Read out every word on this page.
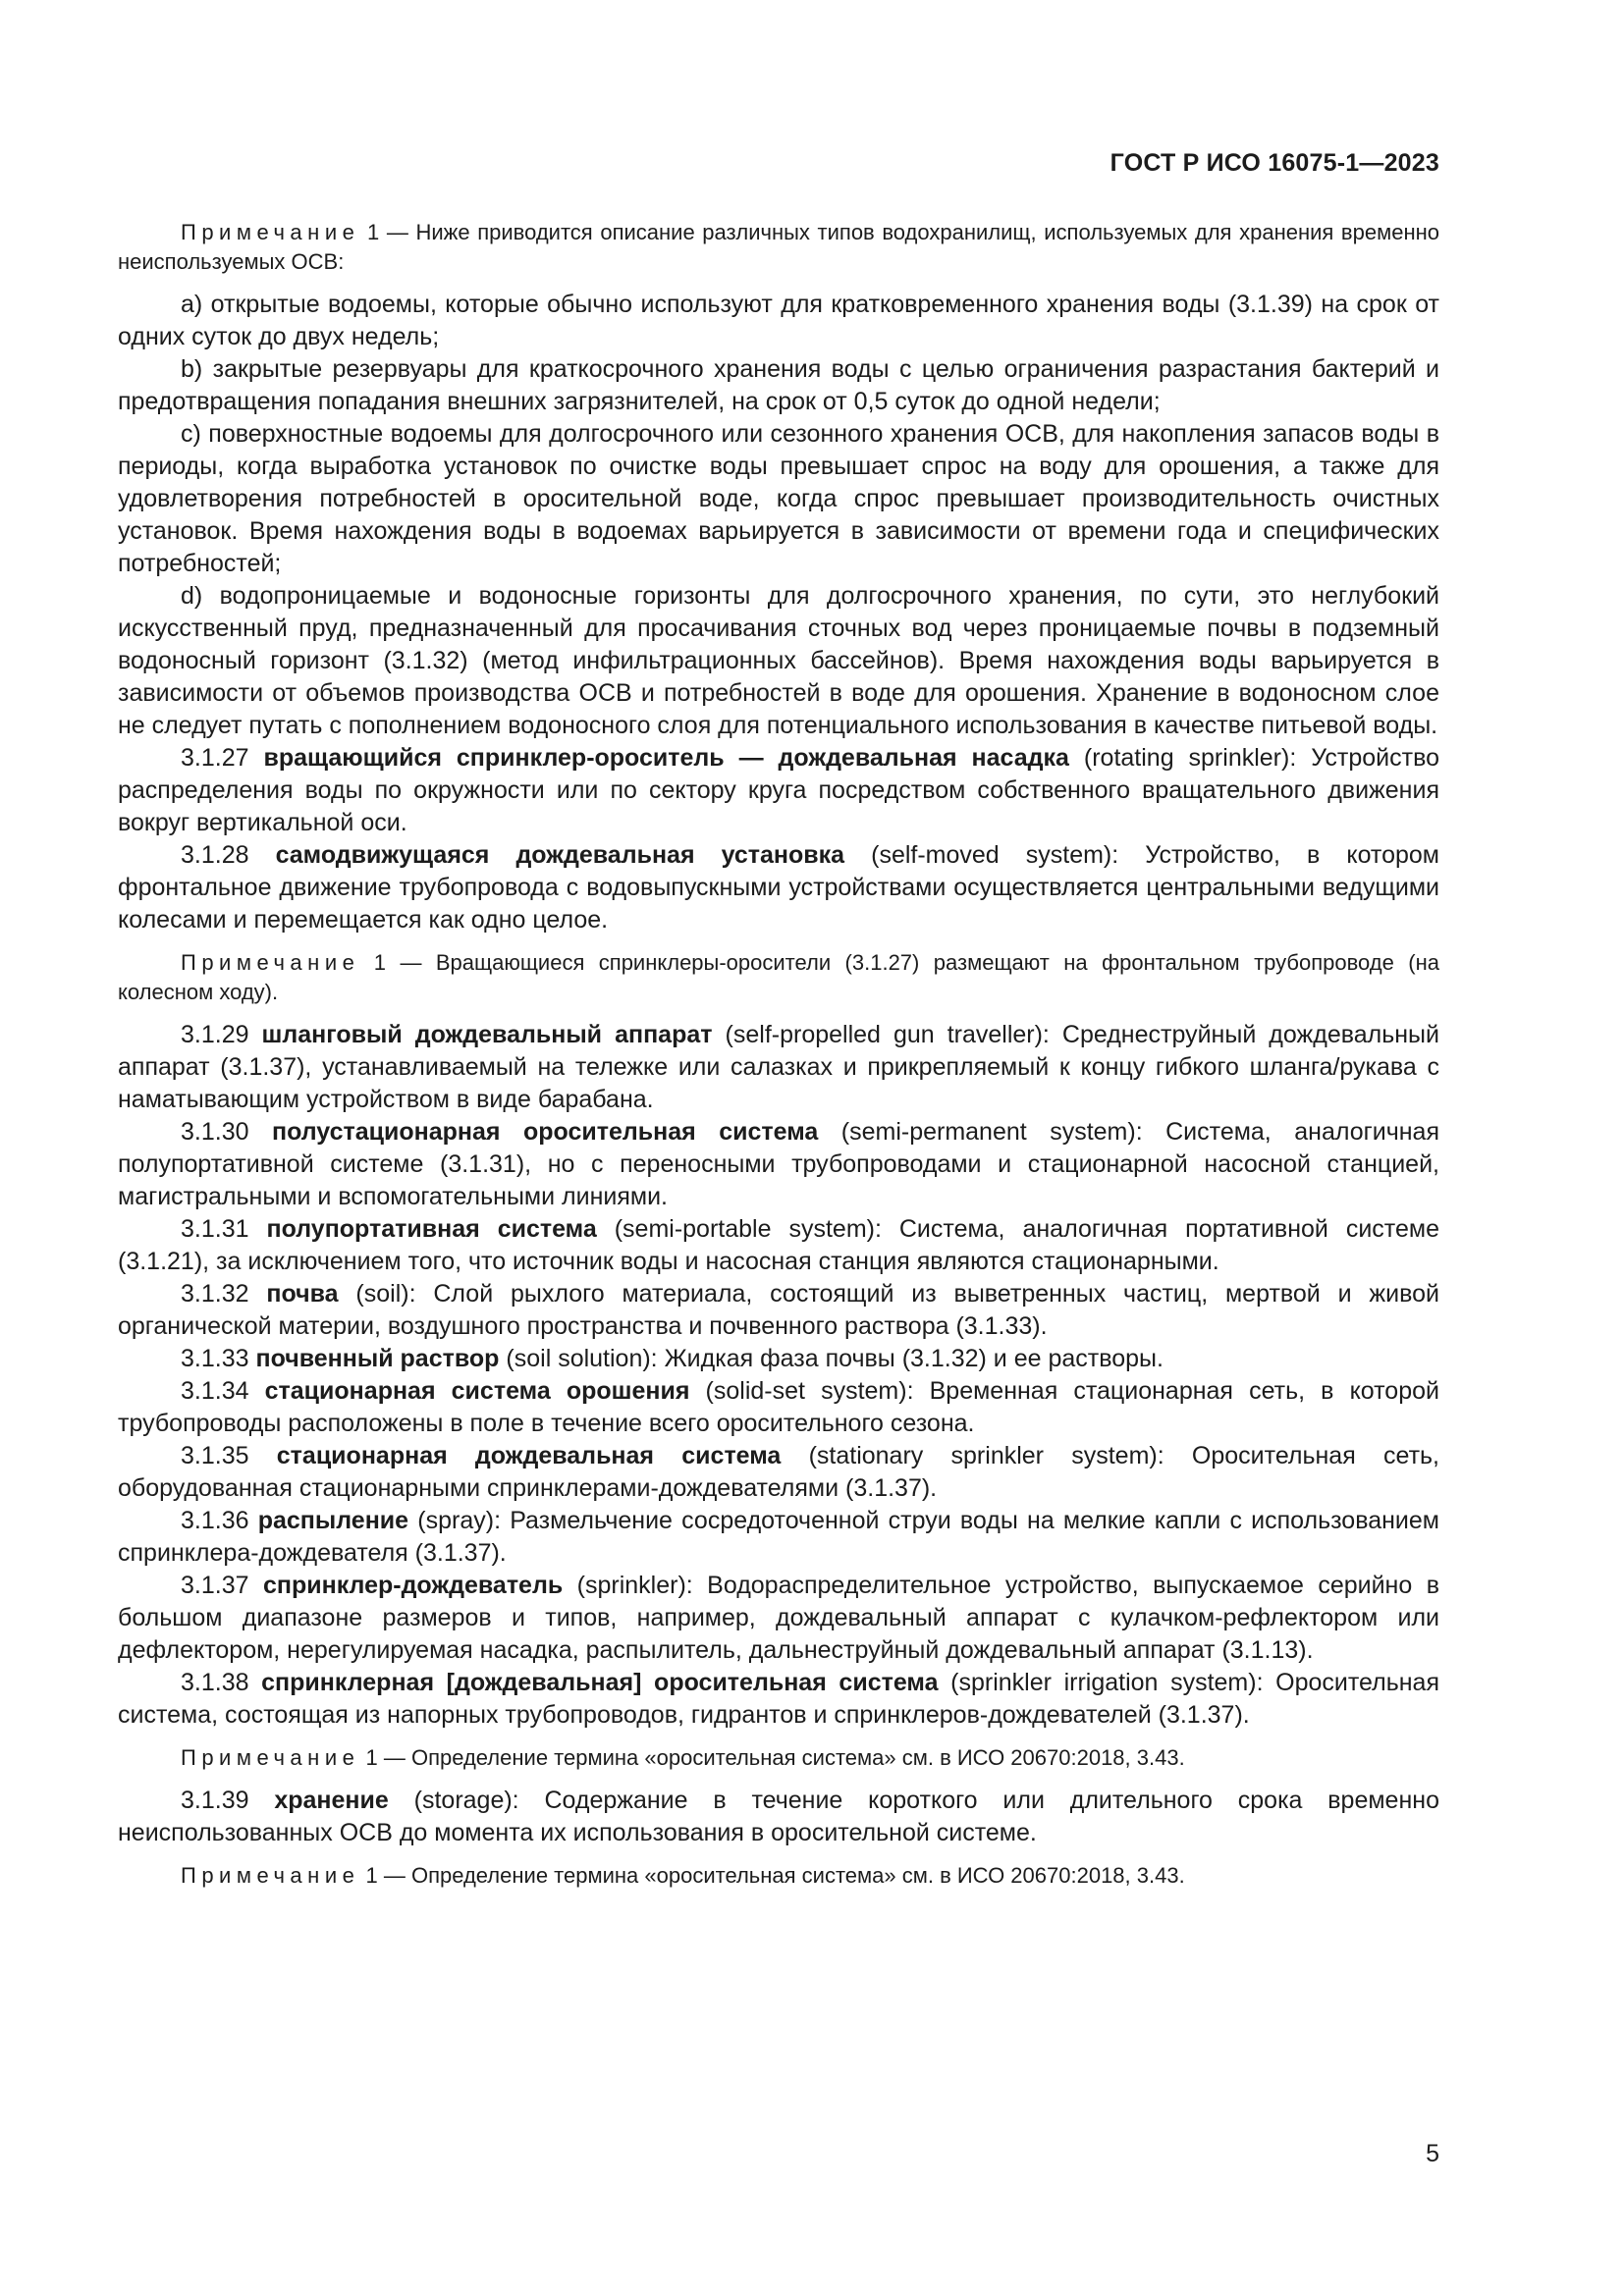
ГОСТ Р ИСО 16075-1—2023

Примечание 1 — Ниже приводится описание различных типов водохранилищ, используемых для хранения временно неиспользуемых ОСВ:

a) открытые водоемы, которые обычно используют для кратковременного хранения воды (3.1.39) на срок от одних суток до двух недель;

b) закрытые резервуары для краткосрочного хранения воды с целью ограничения разрастания бактерий и предотвращения попадания внешних загрязнителей, на срок от 0,5 суток до одной недели;

c) поверхностные водоемы для долгосрочного или сезонного хранения ОСВ, для накопления запасов воды в периоды, когда выработка установок по очистке воды превышает спрос на воду для орошения, а также для удовлетворения потребностей в оросительной воде, когда спрос превышает производительность очистных установок. Время нахождения воды в водоемах варьируется в зависимости от времени года и специфических потребностей;

d) водопроницаемые и водоносные горизонты для долгосрочного хранения, по сути, это неглубокий искусственный пруд, предназначенный для просачивания сточных вод через проницаемые почвы в подземный водоносный горизонт (3.1.32) (метод инфильтрационных бассейнов). Время нахождения воды варьируется в зависимости от объемов производства ОСВ и потребностей в воде для орошения. Хранение в водоносном слое не следует путать с пополнением водоносного слоя для потенциального использования в качестве питьевой воды.

3.1.27 вращающийся спринклер-ороситель — дождевальная насадка (rotating sprinkler): Устройство распределения воды по окружности или по сектору круга посредством собственного вращательного движения вокруг вертикальной оси.

3.1.28 самодвижущаяся дождевальная установка (self-moved system): Устройство, в котором фронтальное движение трубопровода с водовыпускными устройствами осуществляется центральными ведущими колесами и перемещается как одно целое.

Примечание 1 — Вращающиеся спринклеры-оросители (3.1.27) размещают на фронтальном трубопроводе (на колесном ходу).

3.1.29 шланговый дождевальный аппарат (self-propelled gun traveller): Среднеструйный дождевальный аппарат (3.1.37), устанавливаемый на тележке или салазках и прикрепляемый к концу гибкого шланга/рукава с наматывающим устройством в виде барабана.

3.1.30 полустационарная оросительная система (semi-permanent system): Система, аналогичная полупортативной системе (3.1.31), но с переносными трубопроводами и стационарной насосной станцией, магистральными и вспомогательными линиями.

3.1.31 полупортативная система (semi-portable system): Система, аналогичная портативной системе (3.1.21), за исключением того, что источник воды и насосная станция являются стационарными.

3.1.32 почва (soil): Слой рыхлого материала, состоящий из выветренных частиц, мертвой и живой органической материи, воздушного пространства и почвенного раствора (3.1.33).

3.1.33 почвенный раствор (soil solution): Жидкая фаза почвы (3.1.32) и ее растворы.

3.1.34 стационарная система орошения (solid-set system): Временная стационарная сеть, в которой трубопроводы расположены в поле в течение всего оросительного сезона.

3.1.35 стационарная дождевальная система (stationary sprinkler system): Оросительная сеть, оборудованная стационарными спринклерами-дождевателями (3.1.37).

3.1.36 распыление (spray): Размельчение сосредоточенной струи воды на мелкие капли с использованием спринклера-дождевателя (3.1.37).

3.1.37 спринклер-дождеватель (sprinkler): Водораспределительное устройство, выпускаемое серийно в большом диапазоне размеров и типов, например, дождевальный аппарат с кулачком-рефлектором или дефлектором, нерегулируемая насадка, распылитель, дальнеструйный дождевальный аппарат (3.1.13).

3.1.38 спринклерная [дождевальная] оросительная система (sprinkler irrigation system): Оросительная система, состоящая из напорных трубопроводов, гидрантов и спринклеров-дождевателей (3.1.37).

Примечание 1 — Определение термина «оросительная система» см. в ИСО 20670:2018, 3.43.

3.1.39 хранение (storage): Содержание в течение короткого или длительного срока временно неиспользованных ОСВ до момента их использования в оросительной системе.

Примечание 1 — Определение термина «оросительная система» см. в ИСО 20670:2018, 3.43.

5
